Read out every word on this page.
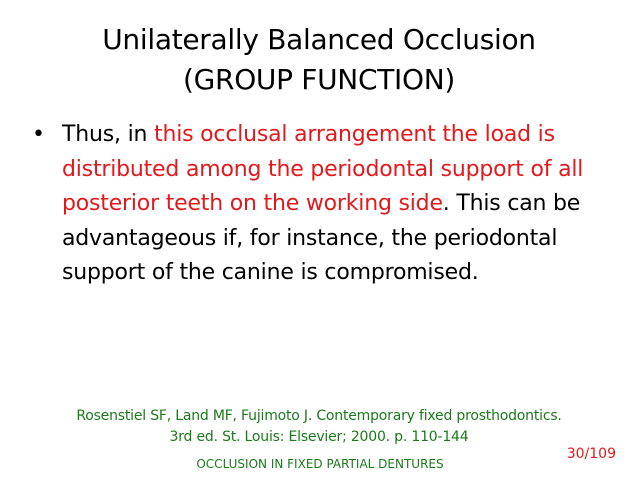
Unilaterally Balanced Occlusion
(GROUP FUNCTION)
• Thus, in this occlusal arrangement the load is distributed among the periodontal support of all posterior teeth on the working side. This can be advantageous if, for instance, the periodontal support of the canine is compromised.
Rosenstiel SF, Land MF, Fujimoto J. Contemporary fixed prosthodontics.
3rd ed. St. Louis: Elsevier; 2000. p. 110-144
OCCLUSION IN FIXED PARTIAL DENTURES
30/109
